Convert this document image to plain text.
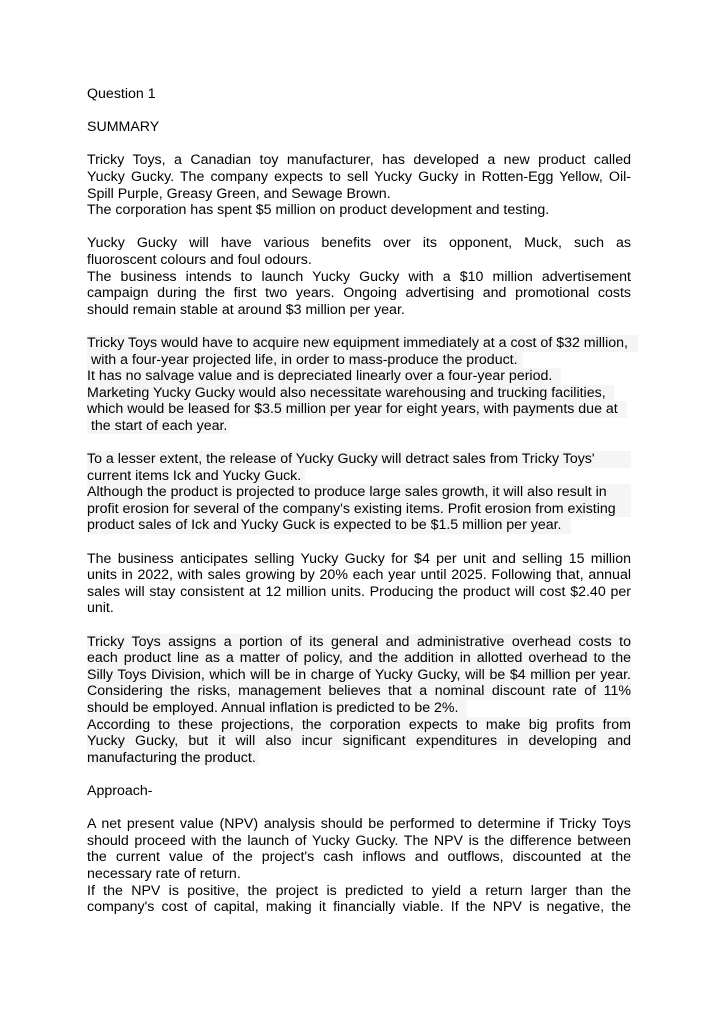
Question 1
SUMMARY
Tricky Toys, a Canadian toy manufacturer, has developed a new product called
Yucky Gucky. The company expects to sell Yucky Gucky in Rotten-Egg Yellow, Oil-
Spill Purple, Greasy Green, and Sewage Brown.
The corporation has spent $5 million on product development and testing.
Yucky Gucky will have various benefits over its opponent, Muck, such as
fluoroscent colours and foul odours.
The business intends to launch Yucky Gucky with a $10 million advertisement
campaign during the first two years. Ongoing advertising and promotional costs
should remain stable at around $3 million per year.
Tricky Toys would have to acquire new equipment immediately at a cost of $32 million,
with a four-year projected life, in order to mass-produce the product.
It has no salvage value and is depreciated linearly over a four-year period.
Marketing Yucky Gucky would also necessitate warehousing and trucking facilities,
which would be leased for $3.5 million per year for eight years, with payments due at
the start of each year.
To a lesser extent, the release of Yucky Gucky will detract sales from Tricky Toys'
current items Ick and Yucky Guck.
Although the product is projected to produce large sales growth, it will also result in
profit erosion for several of the company's existing items. Profit erosion from existing
product sales of Ick and Yucky Guck is expected to be $1.5 million per year.
The business anticipates selling Yucky Gucky for $4 per unit and selling 15 million
units in 2022, with sales growing by 20% each year until 2025. Following that, annual
sales will stay consistent at 12 million units. Producing the product will cost $2.40 per
unit.
Tricky Toys assigns a portion of its general and administrative overhead costs to
each product line as a matter of policy, and the addition in allotted overhead to the
Silly Toys Division, which will be in charge of Yucky Gucky, will be $4 million per year.
Considering the risks, management believes that a nominal discount rate of 11%
should be employed. Annual inflation is predicted to be 2%.
According to these projections, the corporation expects to make big profits from
Yucky Gucky, but it will also incur significant expenditures in developing and
manufacturing the product.
Approach-
A net present value (NPV) analysis should be performed to determine if Tricky Toys
should proceed with the launch of Yucky Gucky. The NPV is the difference between
the current value of the project's cash inflows and outflows, discounted at the
necessary rate of return.
If the NPV is positive, the project is predicted to yield a return larger than the
company's cost of capital, making it financially viable. If the NPV is negative, the
